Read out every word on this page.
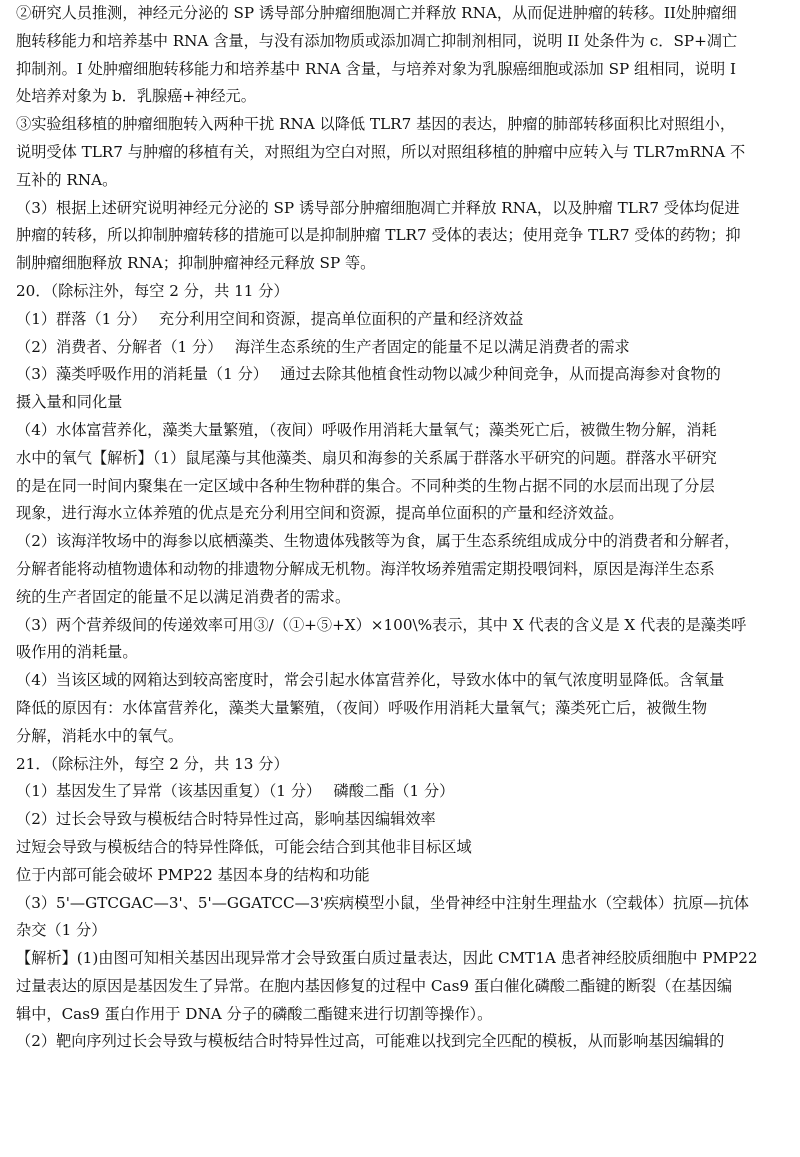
②研究人员推测，神经元分泌的 SP 诱导部分肿瘤细胞凋亡并释放 RNA，从而促进肿瘤的转移。II处肿瘤细
胞转移能力和培养基中 RNA 含量，与没有添加物质或添加凋亡抑制剂相同，说明 II 处条件为 c．SP+凋亡
抑制剂。I 处肿瘤细胞转移能力和培养基中 RNA 含量，与培养对象为乳腺癌细胞或添加 SP 组相同，说明 I
处培养对象为 b．乳腺癌+神经元。
③实验组移植的肿瘤细胞转入两种干扰 RNA 以降低 TLR7 基因的表达，肿瘤的肺部转移面积比对照组小，
说明受体 TLR7 与肿瘤的移植有关，对照组为空白对照，所以对照组移植的肿瘤中应转入与 TLR7mRNA 不
互补的 RNA。
（3）根据上述研究说明神经元分泌的 SP 诱导部分肿瘤细胞凋亡并释放 RNA，以及肿瘤 TLR7 受体均促进
肿瘤的转移，所以抑制肿瘤转移的措施可以是抑制肿瘤 TLR7 受体的表达；使用竞争 TLR7 受体的药物；抑
制肿瘤细胞释放 RNA；抑制肿瘤神经元释放 SP 等。
20．（除标注外，每空 2 分，共 11 分）
（1）群落（1 分）　 充分利用空间和资源，提高单位面积的产量和经济效益
（2）消费者、分解者（1 分）　 海洋生态系统的生产者固定的能量不足以满足消费者的需求
（3）藻类呼吸作用的消耗量（1 分）　 通过去除其他植食性动物以减少种间竞争，从而提高海参对食物的
摄入量和同化量
（4）水体富营养化，藻类大量繁殖，（夜间）呼吸作用消耗大量氧气；藻类死亡后，被微生物分解，消耗
水中的氧气【解析】（1）鼠尾藻与其他藻类、扇贝和海参的关系属于群落水平研究的问题。群落水平研究
的是在同一时间内聚集在一定区域中各种生物种群的集合。不同种类的生物占据不同的水层而出现了分层
现象，进行海水立体养殖的优点是充分利用空间和资源，提高单位面积的产量和经济效益。
（2）该海洋牧场中的海参以底栖藻类、生物遗体残骸等为食，属于生态系统组成成分中的消费者和分解者，
分解者能将动植物遗体和动物的排遗物分解成无机物。海洋牧场养殖需定期投喂饲料，原因是海洋生态系
统的生产者固定的能量不足以满足消费者的需求。
（3）两个营养级间的传递效率可用③/（①+⑤+X）×100\%表示，其中 X 代表的含义是 X 代表的是藻类呼
吸作用的消耗量。
（4）当该区域的网箱达到较高密度时，常会引起水体富营养化，导致水体中的氧气浓度明显降低。含氧量
降低的原因有：水体富营养化，藻类大量繁殖，（夜间）呼吸作用消耗大量氧气；藻类死亡后，被微生物
分解，消耗水中的氧气。
21．（除标注外，每空 2 分，共 13 分）
（1）基因发生了异常（该基因重复）（1 分）　 磷酸二酯（1 分）
（2）过长会导致与模板结合时特异性过高，影响基因编辑效率
过短会导致与模板结合的特异性降低，可能会结合到其他非目标区域
位于内部可能会破坏 PMP22 基因本身的结构和功能
（3）5'—GTCGAC—3'、5'—GGATCC—3'疾病模型小鼠，坐骨神经中注射生理盐水（空载体）抗原—抗体
杂交（1 分）
【解析】(1)由图可知相关基因出现异常才会导致蛋白质过量表达，因此 CMT1A 患者神经胶质细胞中 PMP22
过量表达的原因是基因发生了异常。在胞内基因修复的过程中 Cas9 蛋白催化磷酸二酯键的断裂（在基因编
辑中，Cas9 蛋白作用于 DNA 分子的磷酸二酯键来进行切割等操作）。
（2）靶向序列过长会导致与模板结合时特异性过高，可能难以找到完全匹配的模板，从而影响基因编辑的
